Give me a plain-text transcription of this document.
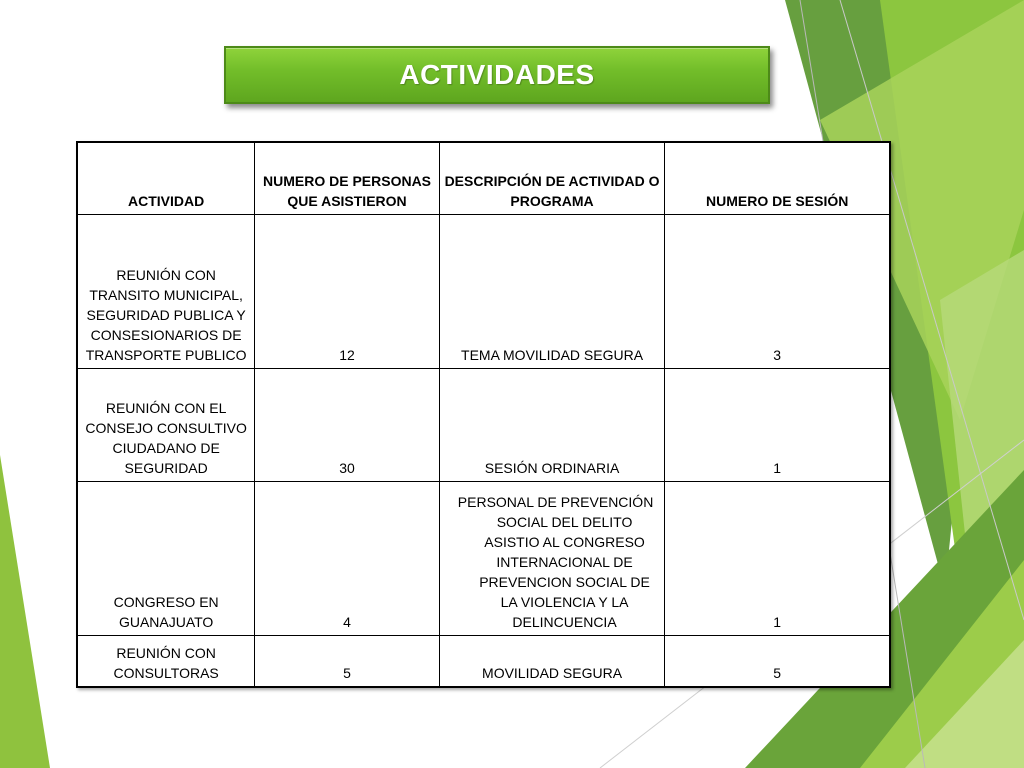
ACTIVIDADES
ACTIVIDAD	NUMERO DE PERSONAS QUE ASISTIERON	DESCRIPCIÓN DE ACTIVIDAD O PROGRAMA	NUMERO DE SESIÓN
REUNIÓN CON TRANSITO MUNICIPAL, SEGURIDAD PUBLICA Y CONSESIONARIOS DE TRANSPORTE PUBLICO	12	TEMA MOVILIDAD SEGURA	3
REUNIÓN CON EL CONSEJO CONSULTIVO CIUDADANO DE SEGURIDAD	30	SESIÓN ORDINARIA	1
CONGRESO EN GUANAJUATO	4	PERSONAL DE PREVENCIÓN SOCIAL DEL DELITO ASISTIO AL CONGRESO INTERNACIONAL DE PREVENCION SOCIAL DE LA VIOLENCIA Y LA DELINCUENCIA	1
REUNIÓN CON CONSULTORAS	5	MOVILIDAD SEGURA	5
